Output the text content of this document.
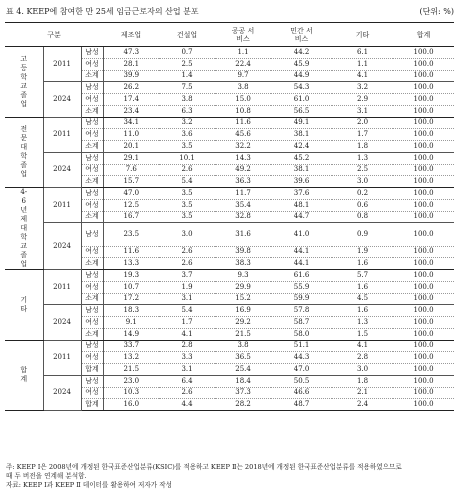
표 4. KEEP에 참여한 만 25세 임금근로자의 산업 분포	(단위: %)
구분			제조업	건설업	공공 서비스	민간 서비스	기타	합계
고등학교졸업	2011	남성	47.3	0.7	1.1	44.2	6.1	100.0
		여성	28.1	2.5	22.4	45.9	1.1	100.0
		소계	39.9	1.4	9.7	44.9	4.1	100.0
	2024	남성	26.2	7.5	3.8	54.3	3.2	100.0
		여성	17.4	3.8	15.0	61.0	2.9	100.0
		소계	23.4	6.3	10.8	56.5	3.1	100.0
전문대학졸업	2011	남성	34.1	3.2	11.6	49.1	2.0	100.0
		여성	11.0	3.6	45.6	38.1	1.7	100.0
		소계	20.1	3.5	32.2	42.4	1.8	100.0
	2024	남성	29.1	10.1	14.3	45.2	1.3	100.0
		여성	7.6	2.6	49.2	38.1	2.5	100.0
		소계	15.7	5.4	36.3	39.6	3.0	100.0
4-6년제 대학교졸업	2011	남성	47.0	3.5	11.7	37.6	0.2	100.0
		여성	12.5	3.5	35.4	48.1	0.6	100.0
		소계	16.7	3.5	32.8	44.7	0.8	100.0
	2024	남성	23.5	3.0	31.6	41.0	0.9	100.0
		여성	11.6	2.6	39.8	44.1	1.9	100.0
		소계	13.3	2.6	38.3	44.1	1.6	100.0
기타	2011	남성	19.3	3.7	9.3	61.6	5.7	100.0
		여성	10.7	1.9	29.9	55.9	1.6	100.0
		소계	17.2	3.1	15.2	59.9	4.5	100.0
	2024	남성	18.3	5.4	16.9	57.8	1.6	100.0
		여성	9.1	1.7	29.2	58.7	1.3	100.0
		소계	14.9	4.1	21.5	58.0	1.5	100.0
합계	2011	남성	33.7	2.8	3.8	51.1	4.1	100.0
		여성	13.2	3.3	36.5	44.3	2.8	100.0
		합계	21.5	3.1	25.4	47.0	3.0	100.0
	2024	남성	23.0	6.4	18.4	50.5	1.8	100.0
		여성	10.3	2.6	37.3	46.6	2.1	100.0
		합계	16.0	4.4	28.2	48.7	2.4	100.0
주: KEEP Ⅰ은 2008년에 개정된 한국표준산업분류(KSIC)를 적용하고 KEEP Ⅱ는 2018년에 개정된 한국표준산업분류를 적용하였으므로
때 두 버전을 연계해 분석함.
자료: KEEP Ⅰ과 KEEP Ⅱ 데이터를 활용하여 저자가 작성
